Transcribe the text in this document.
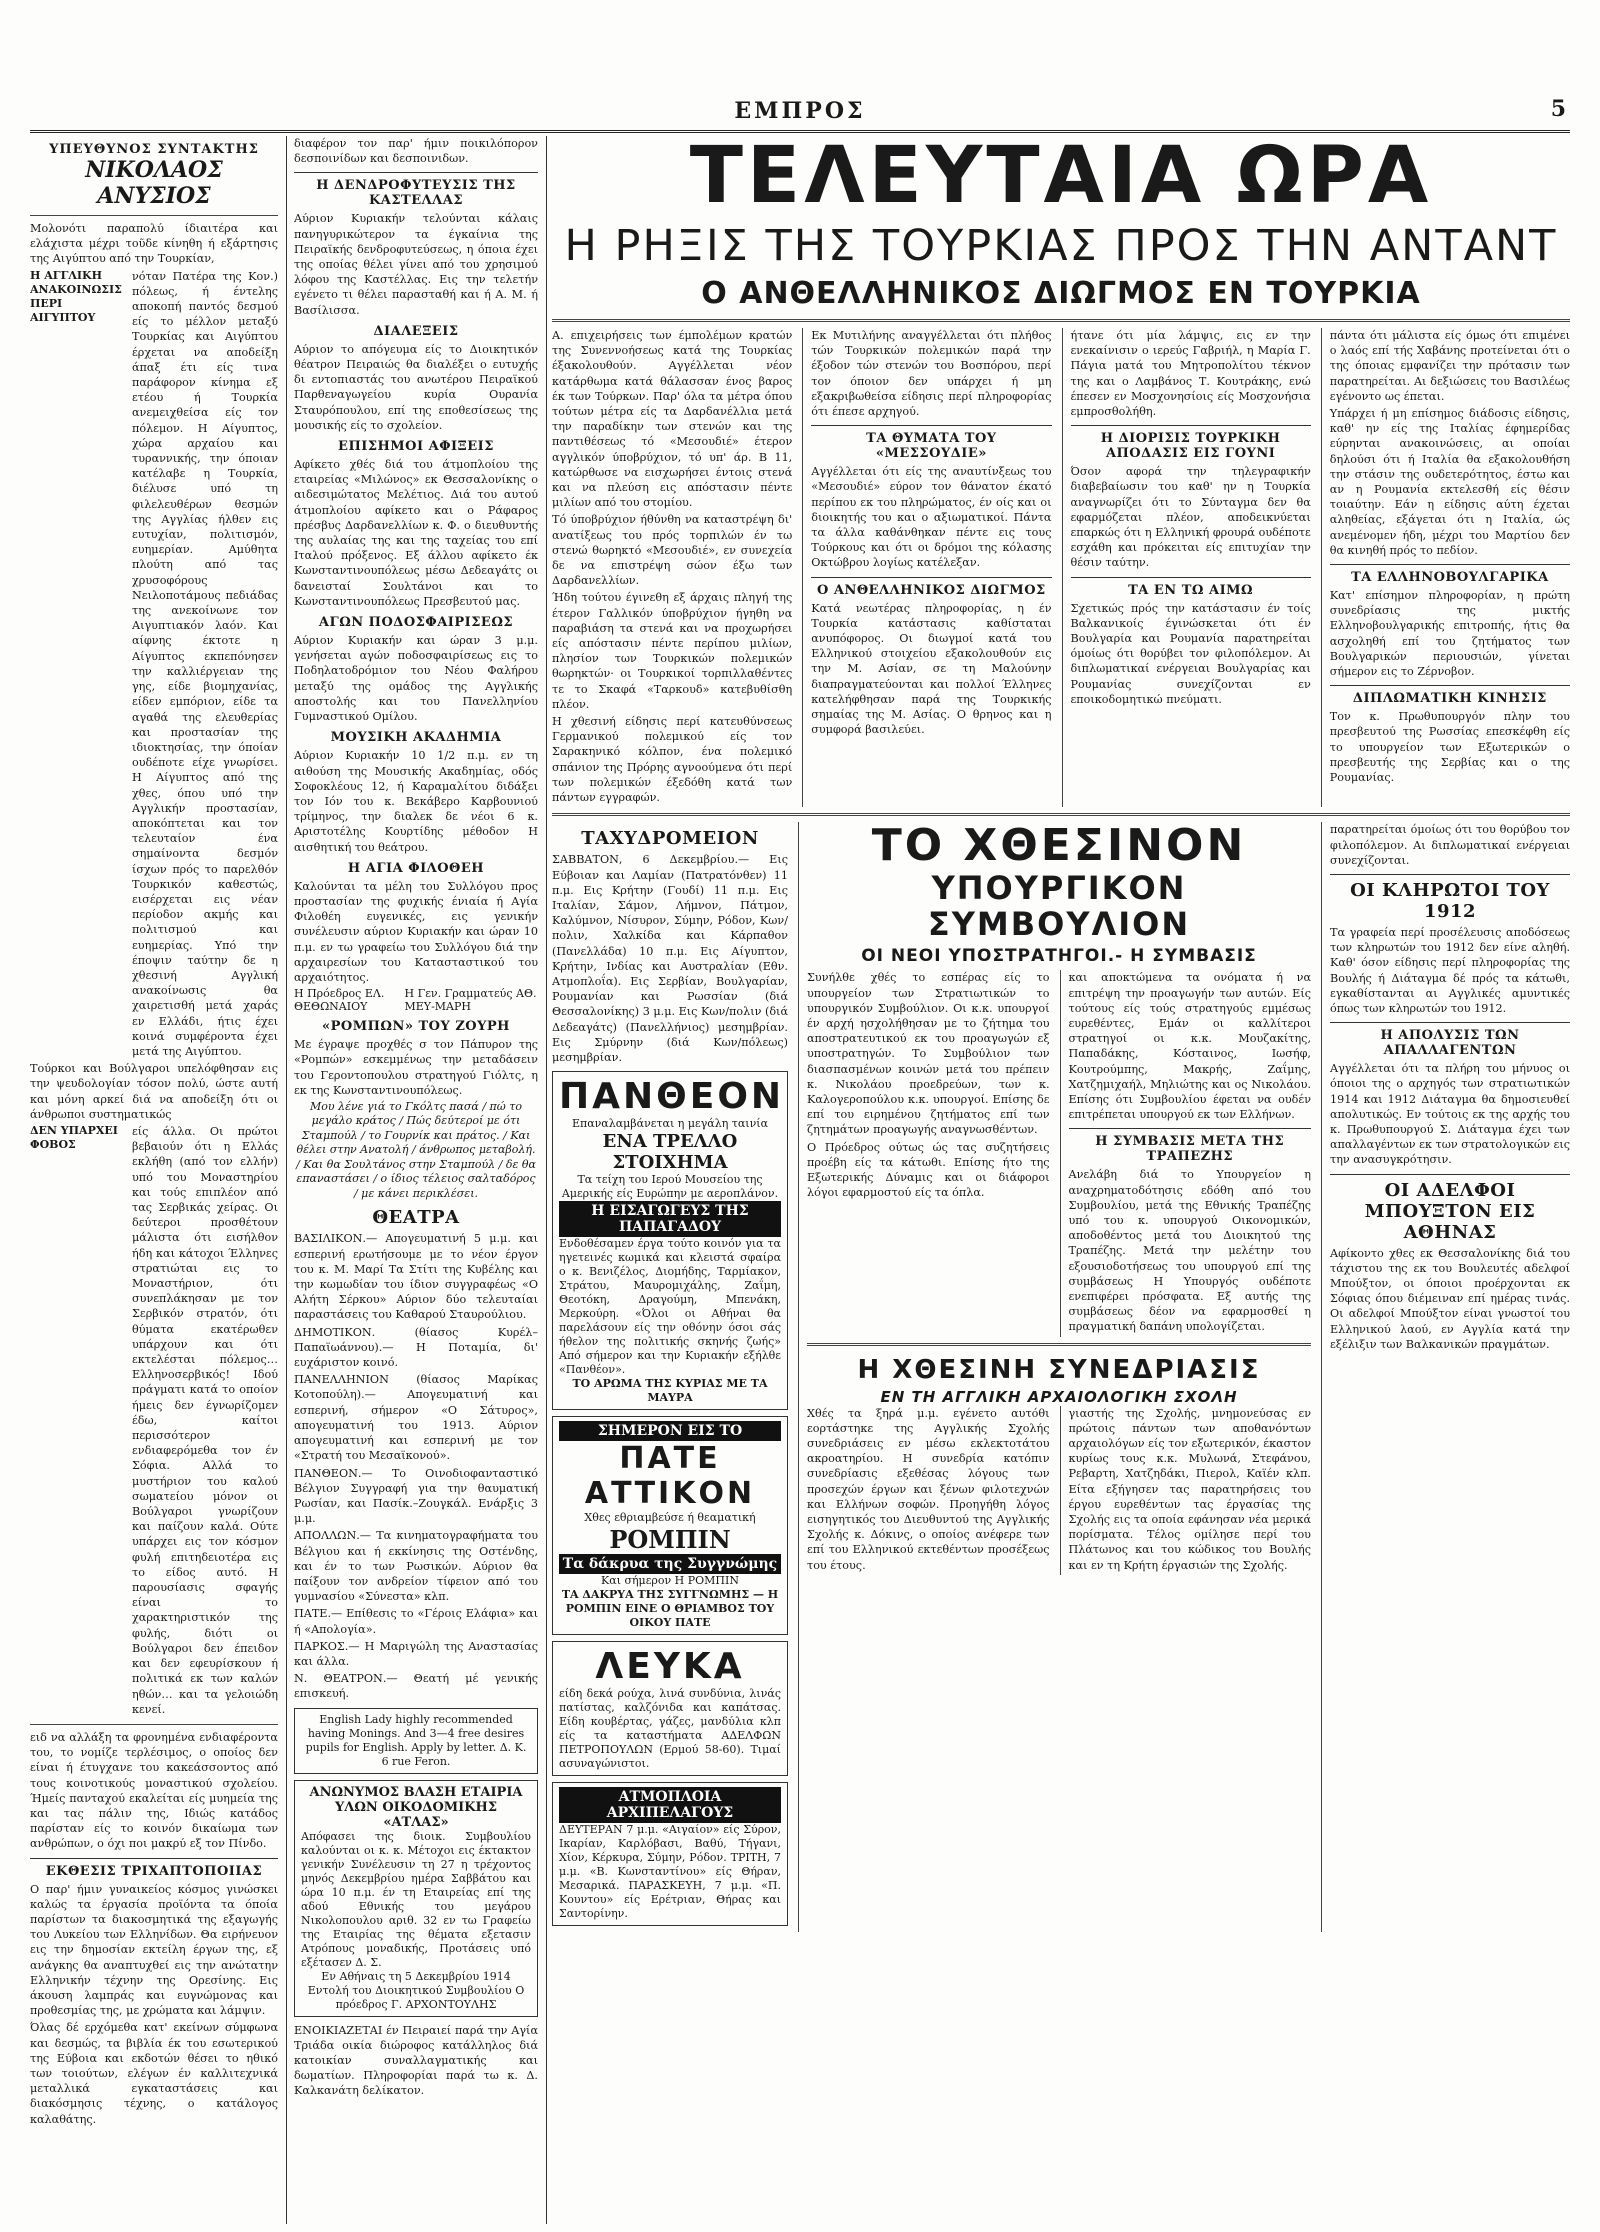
ΕΜΠΡΟΣ	5
ΥΠΕΥΘΥΝΟΣ ΣΥΝΤΑΚΤΗΣ
ΝΙΚΟΛΑΟΣ ΑΝΥΣΙΟΣ

Μολονότι παραπολύ ίδιαιτέρα και ελάχιστα μέχρι τοῦδε κίνηθη ή εξάρτησις της Αιγύπτου από την Τουρκίαν,

Η ΑΓΓΛΙΚΗ ΑΝΑΚΟΙΝΩΣΙΣ ΠΕΡΙ ΑΙΓΥΠΤΟΥ

νόταν Πατέρα της Κον.) πόλεως, ή έντελης αποκοπή παντός δεσμού είς το μέλλον μεταξύ Τουρκίας και Αιγύπτου έρχεται να αποδείξη άπαξ έτι είς τινα παράφορον κίνημα εξ ετέου ή Τουρκία ανεμειχθείσα είς τον πόλεμον. Η Αίγυπτος, χώρα αρχαίου και τυραννικής, την όποιαν κατέλαβε η Τουρκία, διέλυσε υπό τη φιλελευθέρων θεσμών της Αγγλίας ήλθεν εις ευτυχίαν, πολιτισμόν, ευημερίαν. Αμύθητα πλούτη από τας χρυσοφόρους Νειλοποτάμους πεδιάδας της ανεκοίνωνε τον Αιγυπτιακόν λαόν. Και αίφνης έκτοτε η Αίγυπτος εκπεπόνησεν την καλλιέργειαν της γης, είδε βιομηχανίας, είδεν εμπόριον, είδε τα αγαθά της ελευθερίας και προστασίαν της ιδιοκτησίας, την όποίαν ουδέποτε είχε γνωρίσει. Η Αίγυπτος από της χθες, όπου υπό την Αγγλικήν προστασίαν, αποκόπτεται και τον τελευταίον ένα σημαίνοντα δεσμόν ίσχων πρός το παρελθόν Τουρκικόν καθεστώς, εισέρχεται εις νέαν περίοδον ακμής και πολιτισμού και ευημερίας. Υπό την έποψιν ταύτην δε η χθεσινή Αγγλική ανακοίνωσις θα χαιρετισθή μετά χαράς εν Ελλάδι, ήτις έχει κοινά συμφέροντα έχει μετά της Αιγύπτου.

Τούρκοι και Βούλγαροι υπελόφθησαν εις την ψευδολογίαν τόσον πολύ, ώστε αυτή και μόνη αρκεί διά να αποδείξη ότι οι άνθρωποι συστηματικώς

ΔΕΝ ΥΠΑΡΧΕΙ ΦΟΒΟΣ

είς άλλα. Οι πρώτοι βεβαιούν ότι η Ελλάς εκλήθη (από τον ελλήν) υπό του Μοναστηρίου και τούς επιπλέον από τας Σερβικάς χείρας. Οι δεύτεροι προσθέτουν μάλιστα ότι εισήλθον ήδη και κάτοχοι Έλληνες στρατιώται εις το Μοναστήριον, ότι συνεπλάκησαν με τον Σερβικόν στρατόν, ότι θύματα εκατέρωθεν υπάρχουν και ότι εκτελέσται πόλεμος… Ελληνοσερβικός! Ιδού πράγματι κατά το οποίον ήμεις δεν έγνωρίζομεν έδω, καίτοι περισσότερον ενδιαφερόμεθα τον έν Σόφια. Αλλά το μυστήριον του καλού σωματείου μόνον οι Βούλγαροι γνωρίζουν και παίζουν καλά. Ούτε υπάρχει εις τον κόσμον φυλή επιτηδειοτέρα εις το είδος αυτό. Η παρουσίασις σφαγής είναι το χαρακτηριστικόν της φυλής, διότι οι Βούλγαροι δεν έπειδον και δεν εφευρίσκουν ή πολιτικά εκ των καλών ηθών… και τα γελοιώδη κενεί.

ειδ να αλλάξη τα φρονημένα ενδιαφέροντα του, το νομίζε τερλέσιμος, ο οποίος δεν είναι ή έτυγχανε του κακεάσσοντος από τους κοινοτικούς μοναστικού σχολείου. Ήμείς πανταχού εκαλείται είς μυημεία της και τας πάλιν της, Ιδιώς κατάδος παρίσταν είς το κοινόν δικαίωμα των ανθρώπων, ο όχι ποι μακρύ εξ τον Πίνδο.

ΕΚΘΕΣΙΣ ΤΡΙΧΑΠΤΟΠΟΙΙΑΣ

Ο παρ' ήμιν γυναικείος κόσμος γινώσκει καλώς τα έργασία προϊόντα τα όποία παρίστων τα διακοσμητικά της εξαγωγής του Λυκείου των Ελληνίδων. Θα ειρήνευον εις την δημοσίαν εκτείλη έργων της, εξ ανάγκης θα αναπτυχθεί εις την ανώτατην Ελληνικήν τέχνην της Ορεσίνης. Εις άκουση λαμπράς και ευγνώμονας και προθεσμίας της, με χρώματα και λάμψιν.

Όλας δέ ερχόμεθα κατ' εκείνων σύμφωνα και δεσμώς, τα βιβλία έκ του εσωτερικού της Εύβοια και εκδοτών θέσει το ηθικό των τοιούτων, ελέγων έν καλλιτεχνικά μεταλλικά εγκαταστάσεις και διακόσμησις τέχνης, ο κατάλογος καλαθάτης.

διαφέρον τον παρ' ήμιν ποικιλόπορον δεσποινίδων και δεσποινιδων.

Η ΔΕΝΔΡΟΦΥΤΕΥΣΙΣ ΤΗΣ ΚΑΣΤΕΛΛΑΣ

Αύριον Κυριακήν τελούνται κάλαις πανηγυρικώτερον τα έγκαίνια της Πειραϊκής δενδροφυτεύσεως, η όποια έχει της οποίας θέλει γίνει από του χρησιμού λόφου της Καστέλλας. Εις την τελετήν εγένετο τι θέλει παρασταθή και ή Α. Μ. ή Βασίλισσα.

ΔΙΑΛΕΞΕΙΣ

Αύριον το απόγευμα είς το Διοικητικόν θέατρον Πειραιώς θα διαλέξει ο ευτυχής δι εντοπιαστάς του ανωτέρου Πειραϊκού Παρθεναγωγείου κυρία Ουρανία Σταυρόπουλου, επί της εποθεσίσεως της μουσικής είς το σχολείον.

ΕΠΙΣΗΜΟΙ ΑΦΙΞΕΙΣ

Αφίκετο χθές διά του άτμοπλοίου της εταιρείας «Μιλώνος» εκ Θεσσαλονίκης ο αιδεσιμώτατος Μελέτιος. Διά του αυτού άτμοπλοίου αφίκετο και ο Ράφαρος πρέσβυς Δαρδανελλίων κ. Φ. ο διευθυντής της αυλαίας της και της ταχείας του επί Ιταλού πρόξενος. Εξ άλλου αφίκετο έκ Κωνσταντινουπόλεως μέσω Δεδεαγάτς οι δανεισταί Σουλτάνοι και το Κωνσταντινουπόλεως Πρεσβευτού μας.

ΑΓΩΝ ΠΟΔΟΣΦΑΙΡΙΣΕΩΣ

Αύριον Κυριακήν και ώραν 3 μ.μ. γενήσεται αγών ποδοσφαιρίσεως εις το Ποδηλατοδρόμιον του Νέου Φαλήρου μεταξύ της ομάδος της Αγγλικής αποστολής και του Πανελληνίου Γυμναστικού Ομίλου.

ΜΟΥΣΙΚΗ ΑΚΑΔΗΜΙΑ

Αύριον Κυριακήν 10 1/2 π.μ. εν τη αιθούση της Μουσικής Ακαδημίας, οδός Σοφοκλέους 12, ή Καραμαλίτου διδάξει τον Ιόν του κ. Βεκάβερο Καρβουνιού τρίμηνος, την διαλεκ δε νέοι 6 κ. Αριστοτέλης Κουρτίδης μέθοδον Η αισθητική του θεάτρου.

Η ΑΓΙΑ ΦΙΛΟΘΕΗ

Καλούνται τα μέλη του Συλλόγου προς προστασίαν της φυχικής ένιαία ή Αγία Φιλοθέη ευγενικές, εις γενικήν συνέλευσιν αύριον Κυριακήν και ώραν 10 π.μ. εν τω γραφείω του Συλλόγου διά την αρχαιρεσίων του Κατασταστικού του αρχαιότητος.

Η Πρόεδρος ΕΛ. ΘΕΘΩΝΑΙΟΥ
Η Γεν. Γραμματεύς ΑΘ. ΜΕΥ-ΜΑΡΗ
«ΡΟΜΠΩΝ» ΤΟΥ ΖΟΥΡΗ

Με έγραψε προχθές σ τον Πάπυρον της «Ρομπών» εσκεμμένως την μεταδάσειν του Γεροντοπουλου στρατηγού Γιόλτς, η εκ της Κωνσταντινουπόλεως.

Μου λένε γιά το Γκόλτς πασά / πώ το μεγάλο κράτος / Πώς δεύτεροί με ότι Σταμπούλ / το Γουρνίκ και πράτος. / Και θέλει στην Ανατολή / άνθρωπος μεταβολή. / Και θα Σουλτάνος στην Σταμπούλ / δε θα επαναστάσει / ο ίδιος τέλειος σαλταδόρος / με κάνει περικλέσει.

ΘΕΑΤΡΑ

ΒΑΣΙΛΙΚΟΝ.— Απογευματινή 5 μ.μ. και εσπερινή ερωτήσουμε με το νέον έργον του κ. Μ. Μαρί Τα Στίτι της Κυβέλης και την κωμωδίαν του ίδιον συγγραφέως «Ο Αλήτη Σέρκου» Αύριον δύο τελευταίαι παραστάσεις του Καθαρού Σταυρούλιου.

ΔΗΜΟΤΙΚΟΝ. (θίασος Κυρέλ–Παπαϊωάννου).— Η Ποταμία, δι' ευχάριστον κοινό.

ΠΑΝΕΛΛΗΝΙΟΝ (θίασος Μαρίκας Κοτοπούλη).— Απογευματινή και εσπερινή, σήμερον «Ο Σάτυρος», απογευματινή του 1913. Αύριον απογευματινή και εσπερινή με τον «Στρατή του Μεσαϊκονού».

ΠΑΝΘΕΟΝ.— Το Οινοδιοφανταστικό Βέλγιον Συγγραφή για την θαυματική Ρωσίαν, και Πασίκ.–Ζουγκάλ. Ενάρξις 3 μ.μ.

ΑΠΟΛΛΩΝ.— Τα κινηματογραφήματα του Βέλγιου και ή εκκίνησις της Οστένδης, και έν το των Ρωσικών. Αύριον θα παίξουν τον ανδρείον τίφειον από του γυμνασίου «Σύνεστα» κλπ.

ΠΑΤΕ.— Επίθεσις το «Γέροις Ελάφια» και ή «Απολογία».

ΠΑΡΚΟΣ.— Η Μαριγώλη της Αναστασίας και άλλα.

Ν. ΘΕΑΤΡΟΝ.— Θεατή μέ γενικής επισκευή.

English Lady highly recommended having Monings. And 3—4 free desires pupils for English. Apply by letter. Δ. Κ. 6 rue Feron.
ΑΝΩΝΥΜΟΣ ΒΛΑΣΗ ΕΤΑΙΡΙΑ ΥΛΩΝ ΟΙΚΟΔΟΜΙΚΗΣ «ΑΤΛΑΣ»
Απόφασει της διοικ. Συμβουλίου καλούνται οι κ. κ. Μέτοχοι εις έκτακτον γενικήν Συνέλευσιν τη 27 η τρέχοντος μηνός Δεκεμβρίου ημέρα Σαββάτου και ώρα 10 π.μ. έν τη Εταιρείας επί της αδού Εθνικής του μεγάρου Νικολοπουλου αριθ. 32 εν τω Γραφείω της Εταιρίας της θέματα εξετασιν Ατρόπους μοναδικής, Προτάσεις υπό εξέτασεν Δ. Σ.
Εν Αθήναις τη 5 Δεκεμβρίου 1914 Εντολή του Διοικητικού Συμβουλίου Ο πρόεδρος Γ. ΑΡΧΟΝΤΟΥΛΗΣ

ΕΝΟΙΚΙΑΖΕΤΑΙ έν Πειραιεί παρά την Αγία Τριάδα οικία διώροφος κατάλληλος διά κατοικίαν συναλλαγματικής και δωματίων. Πληροφορίαι παρά τω κ. Δ. Καλκανάτη δελίκατον.

ΤΕΛΕΥΤΑΙΑ ΩΡΑ
Η ΡΗΞΙΣ ΤΗΣ ΤΟΥΡΚΙΑΣ ΠΡΟΣ ΤΗΝ ΑΝΤΑΝΤ
Ο ΑΝΘΕΛΛΗΝΙΚΟΣ ΔΙΩΓΜΟΣ ΕΝ ΤΟΥΡΚΙΑ

Α. επιχειρήσεις των έμπολέμων κρατών της Συνεννοήσεως κατά της Τουρκίας έξακολουθούν. Αγγέλλεται νέον κατάρθωμα κατά θάλασσαν ένος βαρος έκ των Τούρκων. Παρ' όλα τα μέτρα όπου τούτων μέτρα είς τα Δαρδανέλλια μετά την παραδίκην των στενών και της παντιθέσεως τό «Μεσουδιέ» έτερον αγγλικόν ύποβρύχιον, τό υπ' άρ. Β 11, κατώρθωσε να εισχωρήσει έντοις στενά και να πλεύση εις απόστασιν πέντε μιλίων από του στομίου.

Τό ύποβρύχιον ήθύνθη να καταστρέψη δι' ανατίξεως του πρός τορπιλών έν τω στενώ θωρηκτό «Μεσουδιέ», εν συνεχεία δε να επιστρέψη σώον έξω των Δαρδανελλίων.

Ήδη τούτου έγινεθη εξ άρχαις πληγή της έτερον Γαλλικόν ύποβρύχιον ήγηθη να παραβιάση τα στενά και να προχωρήσει είς απόστασιν πέντε περίπου μιλίων, πλησίον των Τουρκικών πολεμικών θωρηκτών· οι Τουρκικοί τορπιλλαθέντες τε το Σκαφά «Ταρκουδ» κατεβυθίσθη πλέον.

Η χθεσινή είδησις περί κατευθύνσεως Γερμανικού πολεμικού είς τον Σαρακηνικό κόλπον, ένα πολεμικό σπάνιον της Πρόρης αγνοούμενα ότι περί των πολεμικών έξεδόθη κατά των πάντων εγγραφών.

Εκ Μυτιλήνης αναγγέλλεται ότι πλήθος τών Τουρκικών πολεμικών παρά την έξοδον τών στενών του Βοσπόρου, περί τον όποιον δεν υπάρχει ή μη εξακριβωθείσα είδησις περί πληροφορίας ότι έπεσε αρχηγού.

ΤΑ ΘΥΜΑΤΑ ΤΟΥ «ΜΕΣΣΟΥΔΙΕ»

Αγγέλλεται ότι είς της αναυτίνξεως του «Μεσουδιέ» εύρον τον θάνατον έκατό περίπου εκ του πληρώματος, έν οίς και οι διοικητής του και ο αξιωματικοί. Πάντα τα άλλα καθάνθηκαν πέντε εις τους Τούρκους και ότι οι δρόμοι της κόλασης Οκτώβρου λογίως κατέλεξαν.

Ο ΑΝΘΕΛΛΗΝΙΚΟΣ ΔΙΩΓΜΟΣ

Κατά νεωτέρας πληροφορίας, η έν Τουρκία κατάστασις καθίσταται ανυπόφορος. Οι διωγμοί κατά του Ελληνικού στοιχείου εξακολουθούν εις την Μ. Ασίαν, σε τη Μαλούνην διαπραγματεύονται και πολλοί Έλληνες κατελήφθησαν παρά της Τουρκικής σημαίας της Μ. Ασίας. Ο θρηνος και η συμφορά βασιλεύει.

ήτανε ότι μία λάμψις, εις εν την ενεκαίνισιν ο ιερεύς Γαβριήλ, η Μαρία Γ. Πάγια ματά του Μητροπολίτου τέκνον της και ο Λαμβάνος Τ. Κουτράκης, ενώ έπεσεν εν Μοσχονησίοις είς Μοσχονήσια εμπροσθολήθη.

Η ΔΙΟΡΙΣΙΣ ΤΟΥΡΚΙΚΗ ΑΠΟΔΑΣΙΣ ΕΙΣ ΓΟΥΝΙ

Όσον αφορά την τηλεγραφικήν διαβεβαίωσιν του καθ' ην η Τουρκία αναγνωρίζει ότι το Σύνταγμα δεν θα εφαρμόζεται πλέον, αποδεικνύεται επαρκώς ότι η Ελληνική φρουρά ουδέποτε εσχάθη και πρόκειται είς επιτυχίαν την θέσιν ταύτην.

ΤΑ ΕΝ ΤΩ ΑΙΜΩ

Σχετικώς πρός την κατάστασιν έν τοίς Βαλκανικοίς έγινώσκεται ότι έν Βουλγαρία και Ρουμανία παρατηρείται όμοίως ότι θορύβει τον φιλοπόλεμον. Αι διπλωματικαί ενέργειαι Βουλγαρίας και Ρουμανίας συνεχίζονται εν εποικοδομητικώ πνεύματι.

πάντα ότι μάλιστα είς όμως ότι επιμένει ο λαός επί τής Χαβάνης προτείνεται ότι ο της όποιας εμφανίζει την πρότασιν των παρατηρείται. Αι δεξιώσεις του Βασιλέως εγένοντο ως έπεται.

Υπάρχει ή μη επίσημος διάδοσις είδησις, καθ' ην είς της Ιταλίας έφημερίδας εύρηνται ανακοινώσεις, αι οποίαι δηλούσι ότι ή Ιταλία θα εξακολουθήση την στάσιν της ουδετερότητος, έστω και αν η Ρουμανία εκτελεσθή είς θέσιν τοιαύτην. Εάν η είδησις αύτη έχεται αληθείας, εξάγεται ότι η Ιταλία, ώς ανεμένομεν ήδη, μέχρι του Μαρτίου δεν θα κινηθή πρός το πεδίον.

ΤΑ ΕΛΛΗΝΟΒΟΥΛΓΑΡΙΚΑ

Κατ' επίσημον πληροφορίαν, η πρώτη συνεδρίασις της μικτής Ελληνοβουλγαρικής επιτροπής, ήτις θα ασχοληθή επί του ζητήματος των Βουλγαρικών περιουσιών, γίνεται σήμερον εις το Ζέρνοβον.

ΔΙΠΛΩΜΑΤΙΚΗ ΚΙΝΗΣΙΣ

Τον κ. Πρωθυπουργόν πλην του πρεσβευτού της Ρωσσίας επεσκέφθη είς το υπουργείον των Εξωτερικών ο πρεσβευτής της Σερβίας και ο της Ρουμανίας.

ΤΑΧΥΔΡΟΜΕΙΟΝ

ΣΑΒΒΑΤΟΝ, 6 Δεκεμβρίου.— Εις Εύβοιαν και Λαμίαν (Πατρατόνθεν) 11 π.μ. Εις Κρήτην (Γουδί) 11 π.μ. Εις Ιταλίαν, Σάμον, Λήμνον, Πάτμον, Καλύμνον, Νίσυρον, Σύμην, Ρόδον, Κων/πολιν, Χαλκίδα και Κάρπαθον (Πανελλάδα) 10 π.μ. Εις Αίγυπτον, Κρήτην, Ινδίας και Αυστραλίαν (Εθν. Ατμοπλοΐα). Εις Σερβίαν, Βουλγαρίαν, Ρουμανίαν και Ρωσσίαν (διά Θεσσαλονίκης) 3 μ.μ. Εις Κων/πολιν (διά Δεδεαγάτς) (Πανελλήνιος) μεσημβρίαν. Εις Σμύρνην (διά Κων/πόλεως) μεσημβρίαν.

ΠΑΝΘΕΟΝ
Επαναλαμβάνεται η μεγάλη ταινία
ΕΝΑ ΤΡΕΛΛΟ ΣΤΟΙΧΗΜΑ
Τα τείχη του Ιερού Μουσείου της Αμερικής είς Ευρώπην με αεροπλάνον.
Η ΕΙΣΑΓΩΓΕΥΣ ΤΗΣ ΠΑΠΑΓΑΔΟΥ
Ενδοθέσαμεν έργα τούτο κοινόν για τα ηγετεινές κωμικά και κλειστά σφαίρα ο κ. Βενιζέλος, Διομήδης, Ταρμίακον, Στράτου, Μαυρομιχάλης, Ζαΐμη, Θεοτόκη, Δραγούμη, Μπενάκη, Μερκούρη. «Όλοι οι Αθήναι θα παρελάσουν είς την οθόνην όσοι σάς ήθελον της πολιτικής σκηνής ζωής» Από σήμερον και την Κυριακήν εξήλθε «Πανθέον».
ΤΟ ΑΡΩΜΑ ΤΗΣ ΚΥΡΙΑΣ ΜΕ ΤΑ ΜΑΥΡΑ
ΣΗΜΕΡΟΝ ΕΙΣ ΤΟ
ΠΑΤΕ ΑΤΤΙΚΟΝ
Χθες εθριαμβεύσε ή θεαματική
ΡΟΜΠΙΝ
Τα δάκρυα της Συγγνώμης
Και σήμερον Η ΡΟΜΠΙΝ
ΤΑ ΔΑΚΡΥΑ ΤΗΣ ΣΥΓΓΝΩΜΗΣ — Η ΡΟΜΠΙΝ ΕΙΝΕ Ο ΘΡΙΑΜΒΟΣ ΤΟΥ ΟΙΚΟΥ ΠΑΤΕ
ΛΕΥΚΑ
είδη δεκά ρούχα, λινά συνδύνια, λινάς πατίστας, καλζόνιδα και καπάτσας. Είδη κουβέρτας, γάζες, μανδύλια κλπ είς τα καταστήματα ΑΔΕΛΦΩΝ ΠΕΤΡΟΠΟΥΛΩΝ (Ερμού 58-60). Τιμαί ασυναγώνιστοι.
ΑΤΜΟΠΛΟΙΑ ΑΡΧΙΠΕΛΑΓΟΥΣ
ΔΕΥΤΕΡΑΝ 7 μ.μ. «Αιγαίον» είς Σύρον, Ικαρίαν, Καρλόβασι, Βαθύ, Τήγανι, Χίον, Κέρκυρα, Σύμην, Ρόδον. ΤΡΙΤΗ, 7 μ.μ. «Β. Κωνσταντίνου» είς Θήραν, Μεσαρικά. ΠΑΡΑΣΚΕΥΗ, 7 μ.μ. «Π. Κουντου» είς Ερέτριαν, Θήρας και Σαντορίνην.
ΤΟ ΧΘΕΣΙΝΟΝ
ΥΠΟΥΡΓΙΚΟΝ ΣΥΜΒΟΥΛΙΟΝ
ΟΙ ΝΕΟΙ ΥΠΟΣΤΡΑΤΗΓΟΙ.- Η ΣΥΜΒΑΣΙΣ

Συνήλθε χθές το εσπέρας είς το υπουργείον των Στρατιωτικών το υπουργικόν Συμβούλιον. Οι κ.κ. υπουργοί έν αρχή ησχολήθησαν με το ζήτημα του αποστρατευτικού εκ του προαγωγών εξ υποστρατηγών. Το Συμβούλιον των διασπασμένων κοινών μετά του πρέπειν κ. Νικολάου προεδρεύων, των κ. Καλογεροπούλου κ.κ. υπουργοί. Επίσης δε επί του ειρημένου ζητήματος επί των ζητημάτων προαγωγής αναγνωσθέντων.

Ο Πρόεδρος ούτως ώς τας συζητήσεις προέβη είς τα κάτωθι. Επίσης ήτο της Εξωτερικής Δύναμις και οι διάφοροι λόγοι εφαρμοστού είς τα όπλα.

και αποκτώμενα τα ονόματα ή να επιτρέψη την προαγωγήν των αυτών. Είς τούτους είς τούς στρατηγούς εμμέσως ευρεθέντες, Εμάν οι καλλίτεροι στρατηγοί οι κ.κ. Μουζακίτης, Παπαδάκης, Κόσταινος, Ιωσήφ, Κουτρούμπης, Μακρής, Ζαΐμης, Χατζημιχαήλ, Μηλιώτης και ος Νικολάου. Επίσης ότι Συμβουλίου έφεται να ουδέν επιτρέπεται υπουργού εκ των Ελλήνων.

Η ΣΥΜΒΑΣΙΣ ΜΕΤΑ ΤΗΣ ΤΡΑΠΕΖΗΣ

Ανελάβη διά το Υπουργείον η αναχρηματοδότησις εδόθη από του Συμβουλίου, μετά της Εθνικής Τραπέζης υπό του κ. υπουργού Οικονομικών, αποδοθέντος μετά του Διοικητού της Τραπέζης. Μετά την μελέτην του εξουσιοδοτήσεως του υπουργού επί της συμβάσεως Η Υπουργός ουδέποτε ενεπιφέρει πρόσφατα. Εξ αυτής της συμβάσεως δέον να εφαρμοσθεί η πραγματική δαπάνη υπολογίζεται.

Η ΧΘΕΣΙΝΗ ΣΥΝΕΔΡΙΑΣΙΣ
ΕΝ ΤΗ ΑΓΓΛΙΚΗ ΑΡΧΑΙΟΛΟΓΙΚΗ ΣΧΟΛΗ

Χθές τα ξηρά μ.μ. εγένετο αυτόθι εορτάστηκε της Αγγλικής Σχολής συνεδριάσεις εν μέσω εκλεκτοτάτου ακροατηρίου. Η συνεδρία κατόπιν συνεδρίασις εξεθέσας λόγους των προσεχών έργων και ξένων φιλοτεχνών και Ελλήνων σοφών. Προηγήθη λόγος εισηγητικός του Διευθυντού της Αγγλικής Σχολής κ. Δόκινς, ο οποίος ανέφερε των επί του Ελληνικού εκτεθέντων προσέξεως του έτους.

γιαστής της Σχολής, μνημονεύσας εν πρώτοις πάντων των αποθανόντων αρχαιολόγων είς τον εξωτερικόν, έκαστον κυρίως τους κ.κ. Μυλωνά, Στεφάνου, Ρεβαρτη, Χατζηδάκι, Πιερολ, Καϊέν κλπ. Είτα εξήγησεν τας παρατηρήσεις του έργου ευρεθέντων τας έργασίας της Σχολής εις τα οποία εφάνησαν νέα μερικά πορίσματα. Τέλος ομίλησε περί του Πλάτωνος και του κώδικος του Βουλής και εν τη Κρήτη έργασιών της Σχολής.

παρατηρείται όμοίως ότι του θορύβου τον φιλοπόλεμον. Αι διπλωματικαί ενέργειαι συνεχίζονται.

ΟΙ ΚΛΗΡΩΤΟΙ ΤΟΥ 1912

Τα γραφεία περί προσέλευσις αποδόσεως των κληρωτών του 1912 δεν είνε αληθή. Καθ' όσον είδησις περί πληροφορίας της Βουλής ή Διάταγμα δέ πρός τα κάτωθι, εγκαθίστανται αι Αγγλικές αμυντικές όπως των κληρωτών του 1912.

Η ΑΠΟΛΥΣΙΣ ΤΩΝ ΑΠΑΛΛΑΓΕΝΤΩΝ

Αγγέλλεται ότι τα πλήρη του μήνυος οι όποιοι της ο αρχηγός των στρατιωτικών 1914 και 1912 Διάταγμα θα δημοσιευθεί απολυτικώς. Εν τούτοις εκ της αρχής του κ. Πρωθυπουργού Σ. Διάταγμα έχει των απαλλαγέντων εκ των στρατολογικών εις την ανασυγκρότησιν.

ΟΙ ΑΔΕΛΦΟΙ ΜΠΟΥΞΤΟΝ ΕΙΣ ΑΘΗΝΑΣ

Αφίκοντο χθες εκ Θεσσαλονίκης διά του τάχιστου της εκ του Βουλευτές αδελφοί Μπούξτον, οι όποιοι προέρχονται εκ Σόφιας όπου διέμειναν επί ημέρας τινάς. Οι αδελφοί Μπούξτον είναι γνωστοί του Ελληνικού λαού, εν Αγγλία κατά την εξέλιξιν των Βαλκανικών πραγμάτων.
